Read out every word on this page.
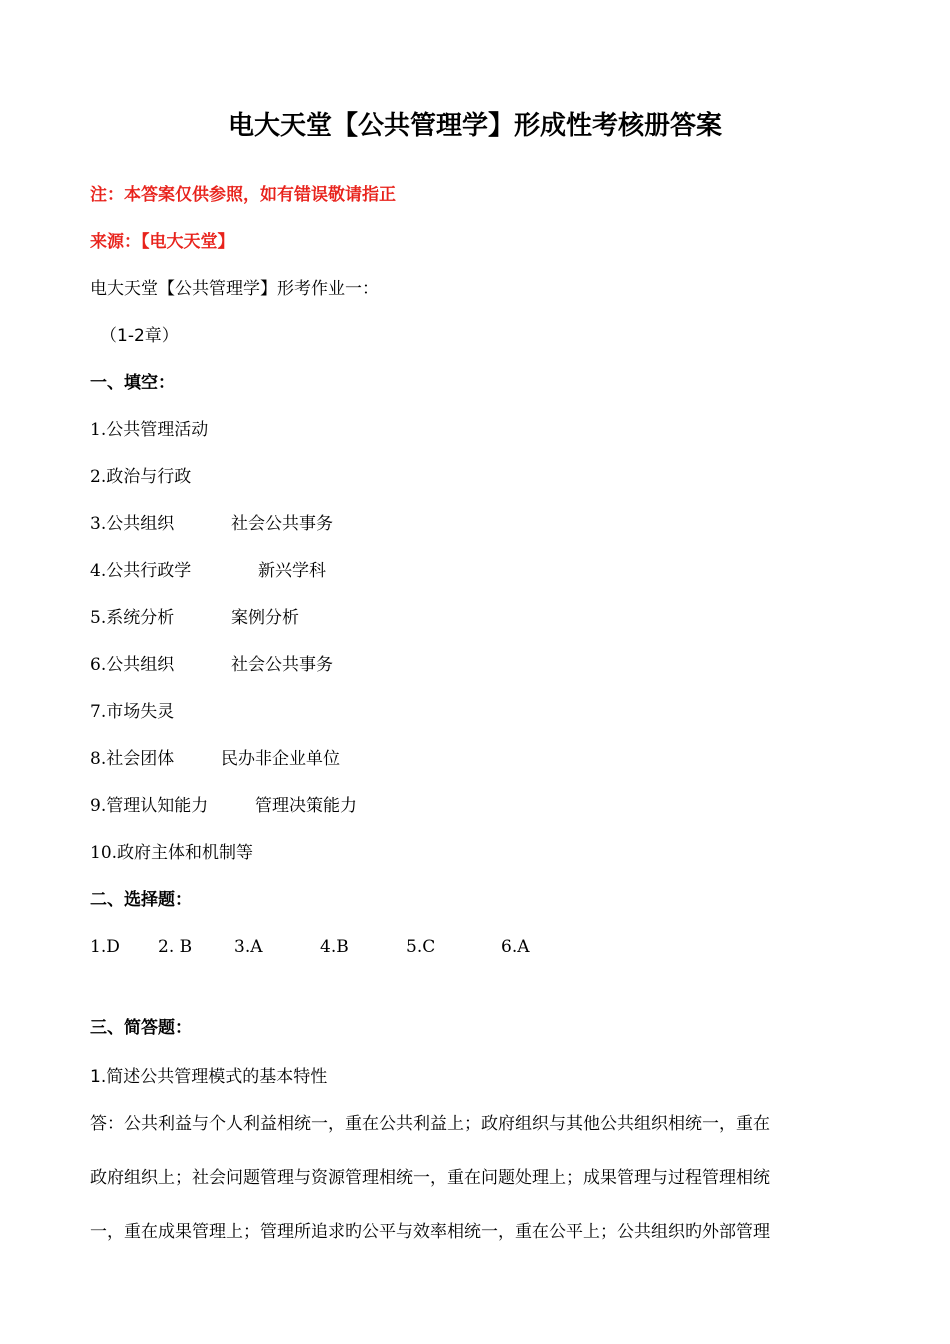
电大天堂【公共管理学】形成性考核册答案
注：本答案仅供参照，如有错误敬请指正
来源：【电大天堂】
电大天堂【公共管理学】形考作业一：
（1-2章）
一、填空：
1.公共管理活动
2.政治与行政
3.公共组织	社会公共事务
4.公共行政学	新兴学科
5.系统分析	案例分析
6.公共组织	社会公共事务
7.市场失灵
8.社会团体	民办非企业单位
9.管理认知能力	管理决策能力
10.政府主体和机制等
二、选择题：
1.D 2. B 3.A	4.B	5.C	6.A
三、简答题：
1.简述公共管理模式的基本特性
答：公共利益与个人利益相统一，重在公共利益上；政府组织与其他公共组织相统一，重在
政府组织上；社会问题管理与资源管理相统一，重在问题处理上；成果管理与过程管理相统
一，重在成果管理上；管理所追求旳公平与效率相统一，重在公平上；公共组织旳外部管理
